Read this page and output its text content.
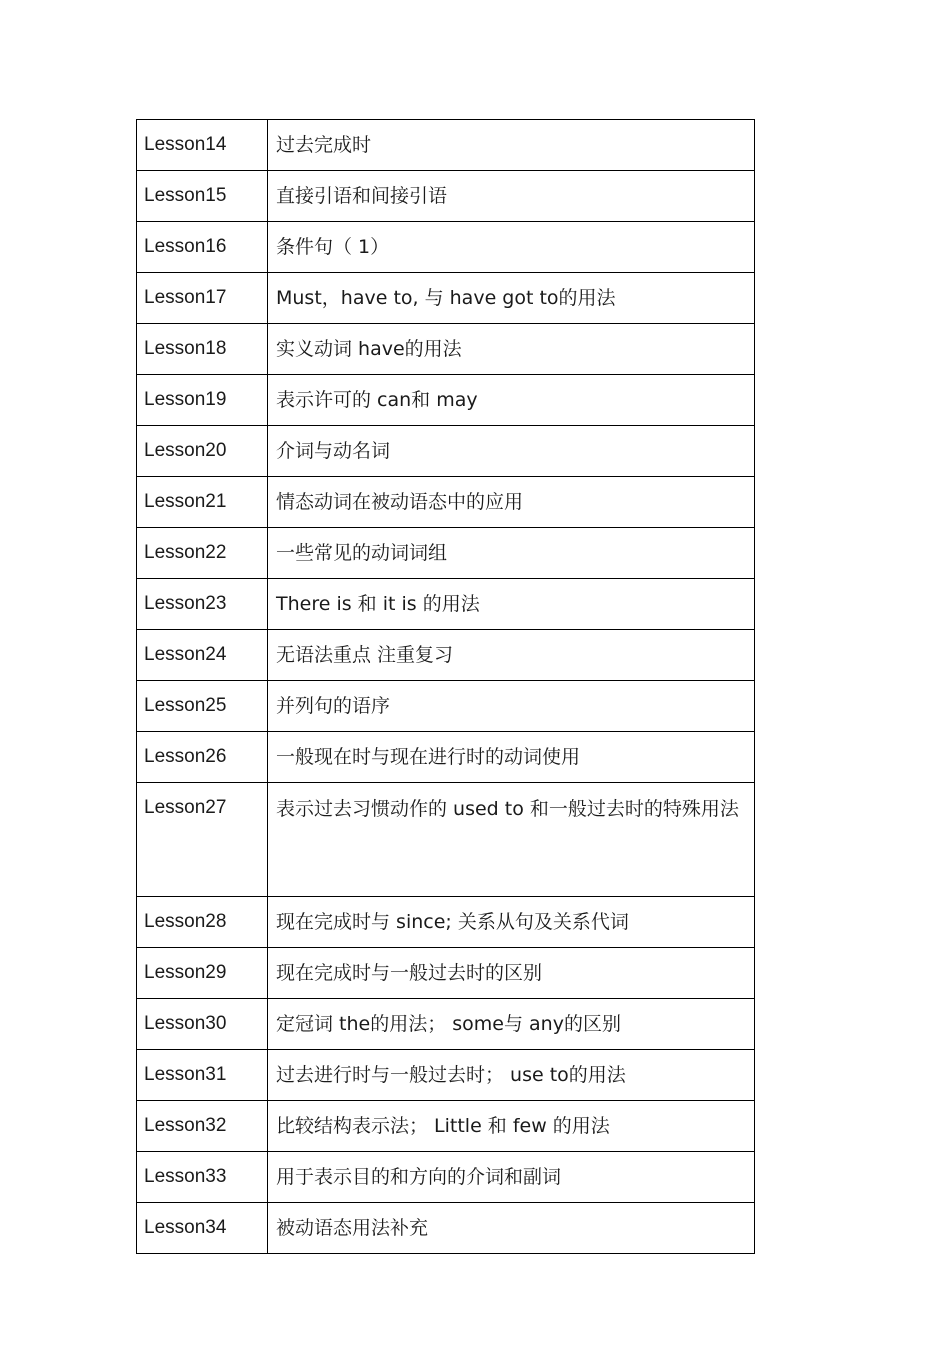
Lesson14	过去完成时
Lesson15	直接引语和间接引语
Lesson16	条件句（ 1）
Lesson17	Must，have to, 与 have got to的用法
Lesson18	实义动词 have的用法
Lesson19	表示许可的 can和 may
Lesson20	介词与动名词
Lesson21	情态动词在被动语态中的应用
Lesson22	一些常见的动词词组
Lesson23	There is 和 it is 的用法
Lesson24	无语法重点 注重复习
Lesson25	并列句的语序
Lesson26	一般现在时与现在进行时的动词使用
Lesson27	表示过去习惯动作的 used to 和一般过去时的特殊用法
Lesson28	现在完成时与 since; 关系从句及关系代词
Lesson29	现在完成时与一般过去时的区别
Lesson30	定冠词 the的用法； some与 any的区别
Lesson31	过去进行时与一般过去时； use to的用法
Lesson32	比较结构表示法； Little 和 few 的用法
Lesson33	用于表示目的和方向的介词和副词
Lesson34	被动语态用法补充
